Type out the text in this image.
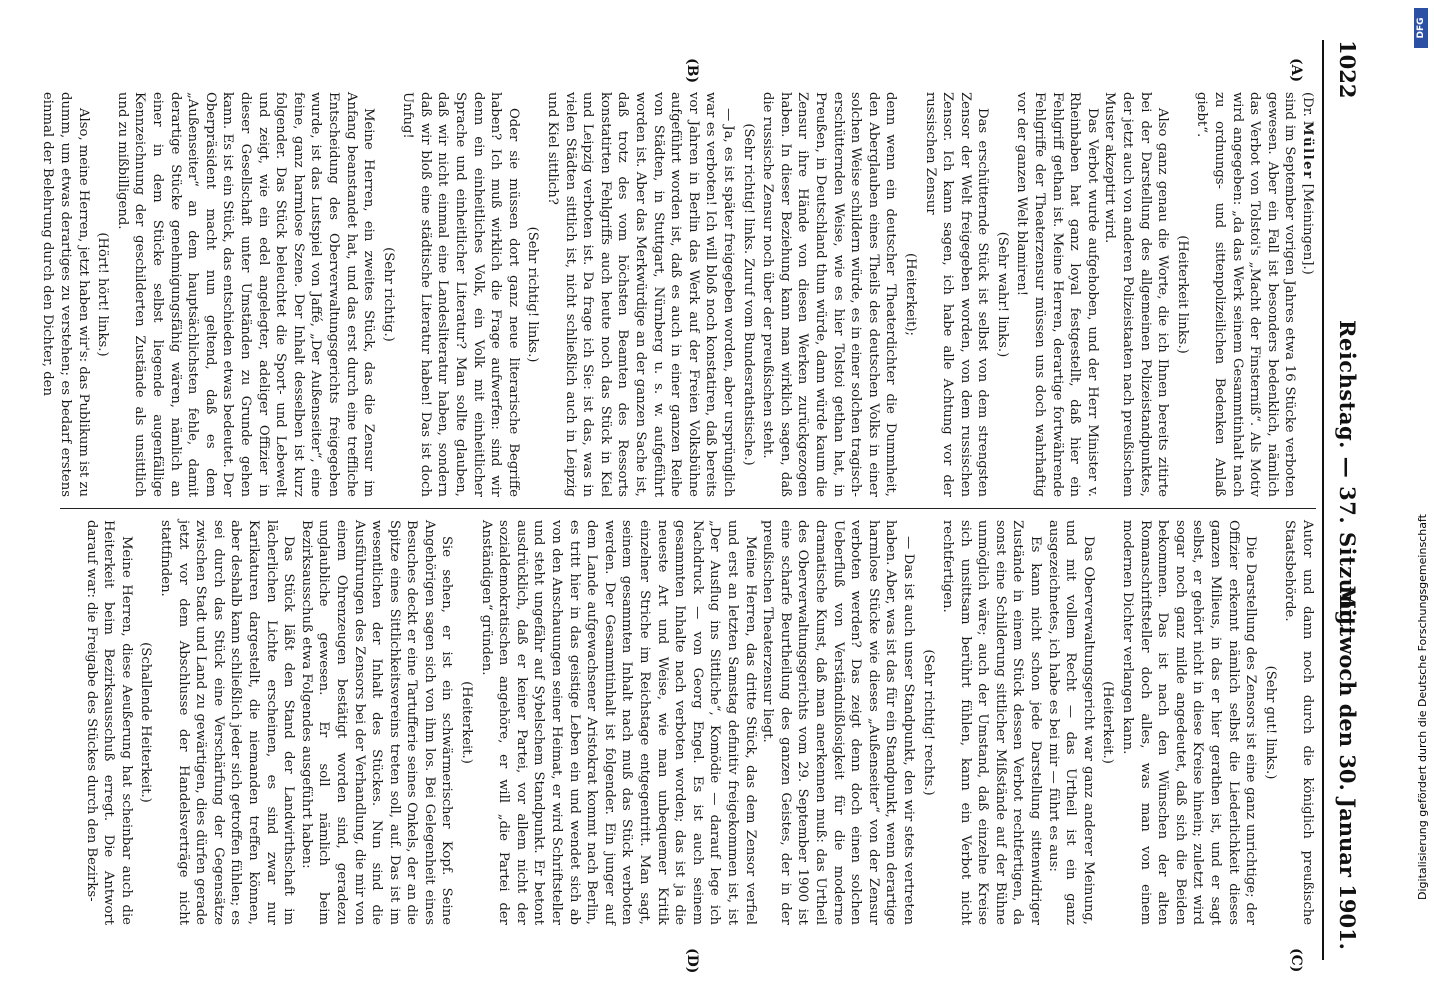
1022
Reichstag. — 37. Sitzung.
Mittwoch den 30. Januar 1901.
(A)
(B)
(C)
(D)

(Dr. Müller [Meiningen].)

sind im September vorigen Jahres etwa 16 Stücke verboten gewesen. Aber ein Fall ist besonders bedenklich, nämlich das Verbot von Tolstoi's „Macht der Finsterniß“. Als Motiv wird angegeben: „da das Werk seinem Gesammtinhalt nach zu ordnungs- und sittenpolizeilichen Bedenken Anlaß giebt“.

(Heiterkeit links.)

Also ganz genau die Worte, die ich Ihnen bereits zitirte bei der Darstellung des allgemeinen Polizeistandpunktes, der jetzt auch von anderen Polizeistaaten nach preußischem Muster akzeptirt wird.

Das Verbot wurde aufgehoben, und der Herr Minister v. Rheinbaben hat ganz loyal festgestellt, daß hier ein Fehlgriff gethan ist. Meine Herren, derartige fortwährende Fehlgriffe der Theaterzensur müssen uns doch wahrhaftig vor der ganzen Welt blamiren!

(Sehr wahr! links.)

Das erschütternde Stück ist selbst von dem strengsten Zensor der Welt freigegeben worden, von dem russischen Zensor. Ich kann sagen, ich habe alle Achtung vor der russischen Zensur

(Heiterkeit);

denn wenn ein deutscher Theaterdichter die Dummheit, den Aberglauben eines Theils des deutschen Volks in einer solchen Weise schildern würde, es in einer solchen tragisch-erschütternden Weise, wie es hier Tolstoi gethan hat, in Preußen, in Deutschland thun würde, dann würde kaum die Zensur ihre Hände von diesen Werken zurückgezogen haben. In dieser Beziehung kann man wirklich sagen, daß die russische Zensur noch über der preußischen steht.

(Sehr richtig! links. Zuruf vom Bundesrathstische.)

— Ja, es ist später freigegeben worden, aber ursprünglich war es verboten! Ich will bloß noch konstatiren, daß bereits vor Jahren in Berlin das Werk auf der Freien Volksbühne aufgeführt worden ist, daß es auch in einer ganzen Reihe von Städten, in Stuttgart, Nürnberg u. s. w. aufgeführt worden ist. Aber das Merkwürdige an der ganzen Sache ist, daß trotz des vom höchsten Beamten des Ressorts konstatirten Fehlgriffs auch heute noch das Stück in Kiel und Leipzig verboten ist. Da frage ich Sie: ist das, was in vielen Städten sittlich ist, nicht schließlich auch in Leipzig und Kiel sittlich?

(Sehr richtig! links.)

Oder sie müssen dort ganz neue literarische Begriffe haben? Ich muß wirklich die Frage aufwerfen: sind wir denn ein einheitliches Volk, ein Volk mit einheitlicher Sprache und einheitlicher Literatur? Man sollte glauben, daß wir nicht einmal eine Landesliteratur haben, sondern daß wir bloß eine städtische Literatur haben! Das ist doch Unfug!

(Sehr richtig.)

Meine Herren, ein zweites Stück, das die Zensur im Anfang beanstandet hat, und das erst durch eine treffliche Entscheidung des Oberverwaltungsgerichts freigegeben wurde, ist das Lustspiel von Jaffé, „Der Außenseiter“, eine feine, ganz harmlose Szene. Der Inhalt desselben ist kurz folgender. Das Stück beleuchtet die Sport- und Lebewelt und zeigt, wie ein edel angelegter, adeliger Offizier in dieser Gesellschaft unter Umständen zu Grunde gehen kann. Es ist ein Stück, das entschieden etwas bedeutet. Der Oberpräsident macht nun geltend, daß es dem „Außenseiter“ an dem hauptsächlichsten fehle, damit derartige Stücke genehmigungsfähig wären, nämlich an einer in dem Stücke selbst liegende augenfällige Kennzeichnung der geschilderten Zustände als unsittlich und zu mißbilligend.

(Hört! hört! links.)

Also, meine Herren, jetzt haben wir's: das Publikum ist zu dumm, um etwas derartiges zu verstehen; es bedarf erstens einmal der Belehrung durch den Dichter, den

Autor und dann noch durch die königlich preußische Staatsbehörde.

(Sehr gut! links.)

Die Darstellung des Zensors ist eine ganz unrichtige; der Offizier erkennt nämlich selbst die Liederlichkeit dieses ganzen Milieus, in das er hier gerathen ist, und er sagt selbst, er gehört nicht in diese Kreise hinein; zuletzt wird sogar noch ganz milde angedeutet, daß sich die Beiden bekommen. Das ist nach den Wünschen der alten Romanschriftsteller doch alles, was man von einem modernen Dichter verlangen kann.

(Heiterkeit.)

Das Oberverwaltungsgericht war ganz anderer Meinung, und mit vollem Recht — das Urtheil ist ein ganz ausgezeichnetes, ich habe es bei mir — führt es aus:

Es kann nicht schon jede Darstellung sittenwidriger Zustände in einem Stück dessen Verbot rechtfertigen, da sonst eine Schilderung sittlicher Mißstände auf der Bühne unmöglich wäre; auch der Umstand, daß einzelne Kreise sich unsittsam berührt fühlen, kann ein Verbot nicht rechtfertigen.

(Sehr richtig! rechts.)

— Das ist auch unser Standpunkt, den wir stets vertreten haben. Aber, was ist das für ein Standpunkt, wenn derartige harmlose Stücke wie dieses „Außenseiter“ von der Zensur verboten werden? Das zeigt denn doch einen solchen Ueberfluß von Verständnißlosigkeit für die moderne dramatische Kunst, daß man anerkennen muß: das Urtheil des Oberverwaltungsgerichts vom 29. September 1900 ist eine scharfe Beurtheilung des ganzen Geistes, der in der preußischen Theaterzensur liegt.

Meine Herren, das dritte Stück, das dem Zensor verfiel und erst an letzten Samstag definitiv freigekommen ist, ist „Der Ausflug ins Sittliche“, Komödie — darauf lege ich Nachdruck — von Georg Engel. Es ist auch seinem gesammten Inhalte nach verboten worden; das ist ja die neueste Art und Weise, wie man unbequemer Kritik einzelner Striche im Reichstage entgegentritt. Man sagt, seinem gesammten Inhalt nach muß das Stück verboten werden. Der Gesammtinhalt ist folgender. Ein junger auf dem Lande aufgewachsener Aristokrat kommt nach Berlin, es tritt hier in das geistige Leben ein und wendet sich ab von den Anschauungen seiner Heimat, er wird Schriftsteller und steht ungefähr auf Sybelschem Standpunkt. Er betont ausdrücklich, daß er keiner Partei, vor allem nicht der sozialdemokratischen angehöre, er will „die Partei der Anständigen“ gründen.

(Heiterkeit.)

Sie sehen, er ist ein schwärmerischer Kopf. Seine Angehörigen sagen sich von ihm los. Bei Gelegenheit eines Besuches deckt er eine Tartufferie seines Onkels, der an die Spitze eines Sittlichkeitsvereins treten soll, auf. Das ist im wesentlichen der Inhalt des Stückes. Nun sind die Ausführungen des Zensors bei der Verhandlung, die mir von einem Ohrenzeugen bestätigt worden sind, geradezu unglaubliche gewesen. Er soll nämlich beim Bezirksausschuß etwa Folgendes ausgeführt haben:

Das Stück läßt den Stand der Landwirthschaft im lächerlichen Lichte erscheinen, es sind zwar nur Karikaturen dargestellt, die niemanden treffen können, aber deshalb kann schließlich jeder sich getroffen fühlen; es sei durch das Stück eine Verschärfung der Gegensätze zwischen Stadt und Land zu gewärtigen, dies dürfen gerade jetzt vor dem Abschlusse der Handelsverträge nicht stattfinden.

(Schallende Heiterkeit.)

Meine Herren, diese Aeußerung hat scheinbar auch die Heiterkeit beim Bezirksausschuß erregt. Die Antwort darauf war: die Freigabe des Stückes durch den Bezirks-

DFG
Digitalisierung gefördert durch die Deutsche Forschungsgemeinschaft
